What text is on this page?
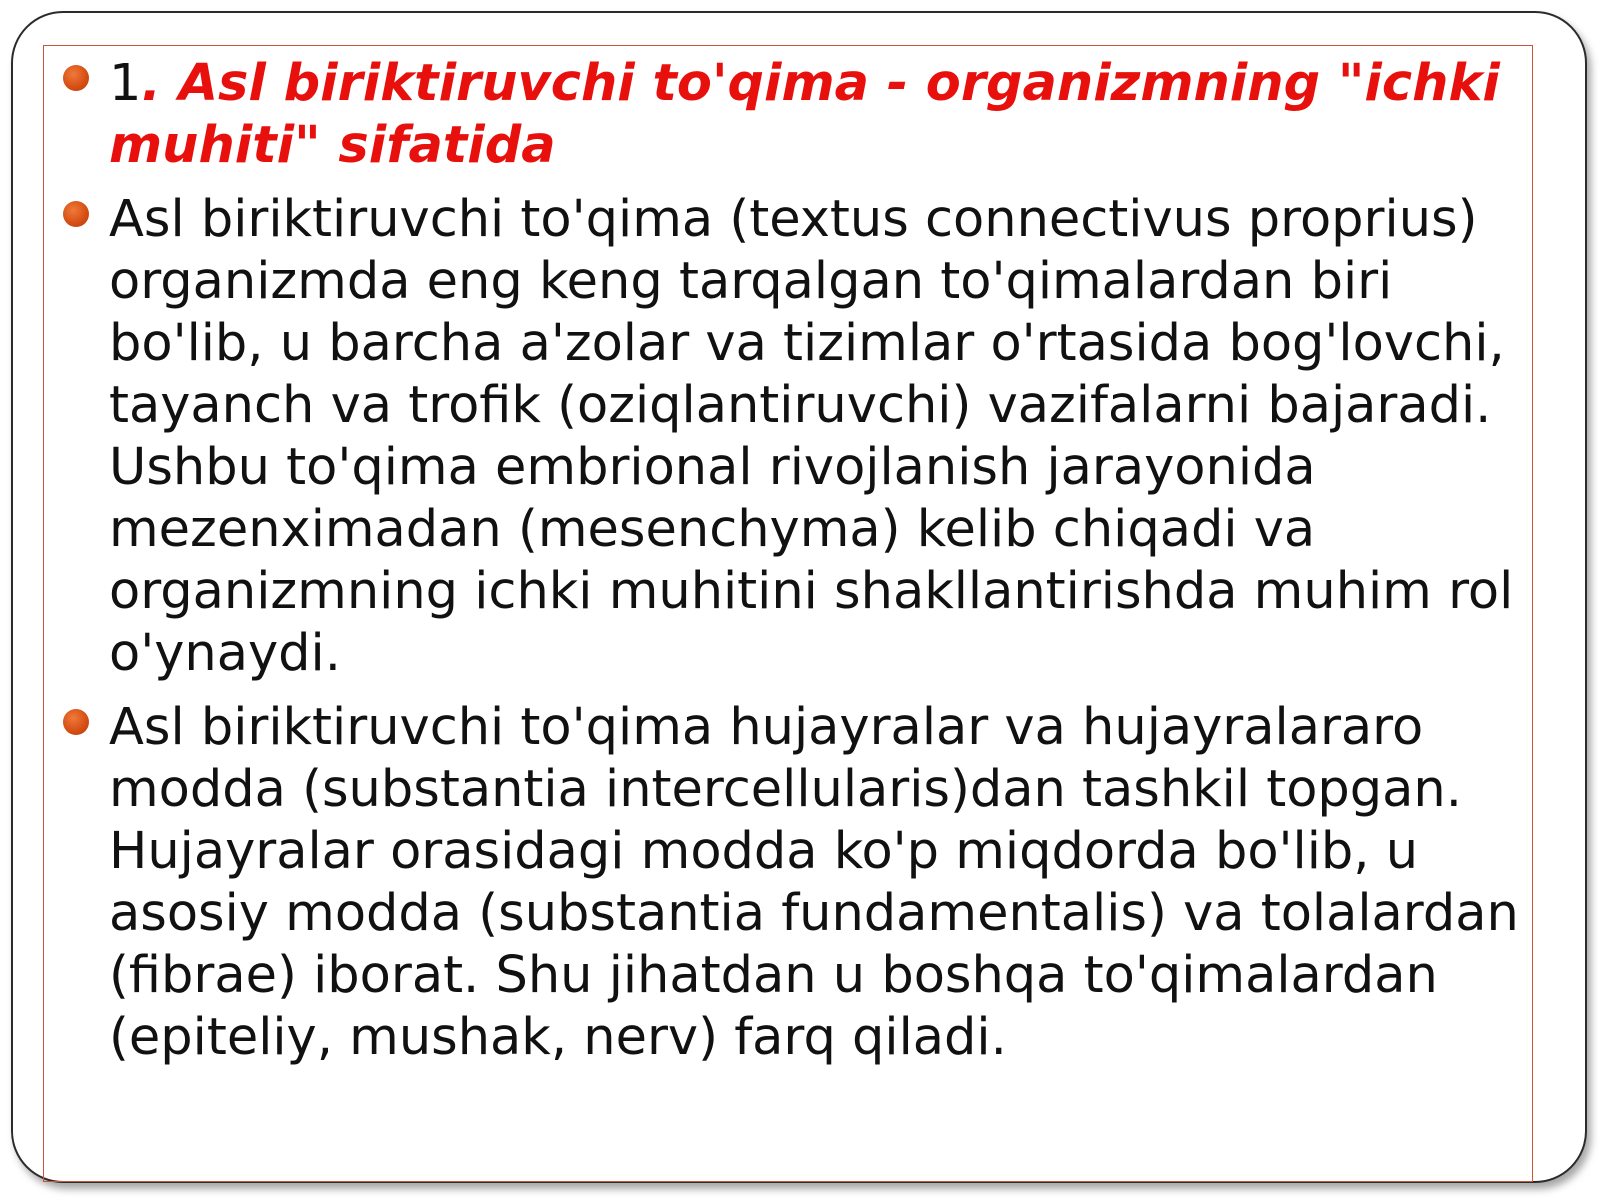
1. Asl biriktiruvchi to'qima - organizmning "ichki muhiti" sifatida
Asl biriktiruvchi to'qima (textus connectivus proprius) organizmda eng keng tarqalgan to'qimalardan biri bo'lib, u barcha a'zolar va tizimlar o'rtasida bog'lovchi, tayanch va trofik (oziqlantiruvchi) vazifalarni bajaradi. Ushbu to'qima embrional rivojlanish jarayonida mezenximadan (mesenchyma) kelib chiqadi va organizmning ichki muhitini shakllantirishda muhim rol o'ynaydi.
Asl biriktiruvchi to'qima hujayralar va hujayralararo modda (substantia intercellularis)dan tashkil topgan. Hujayralar orasidagi modda ko'p miqdorda bo'lib, u asosiy modda (substantia fundamentalis) va tolalardan (fibrae) iborat. Shu jihatdan u boshqa to'qimalardan (epiteliy, mushak, nerv) farq qiladi.
